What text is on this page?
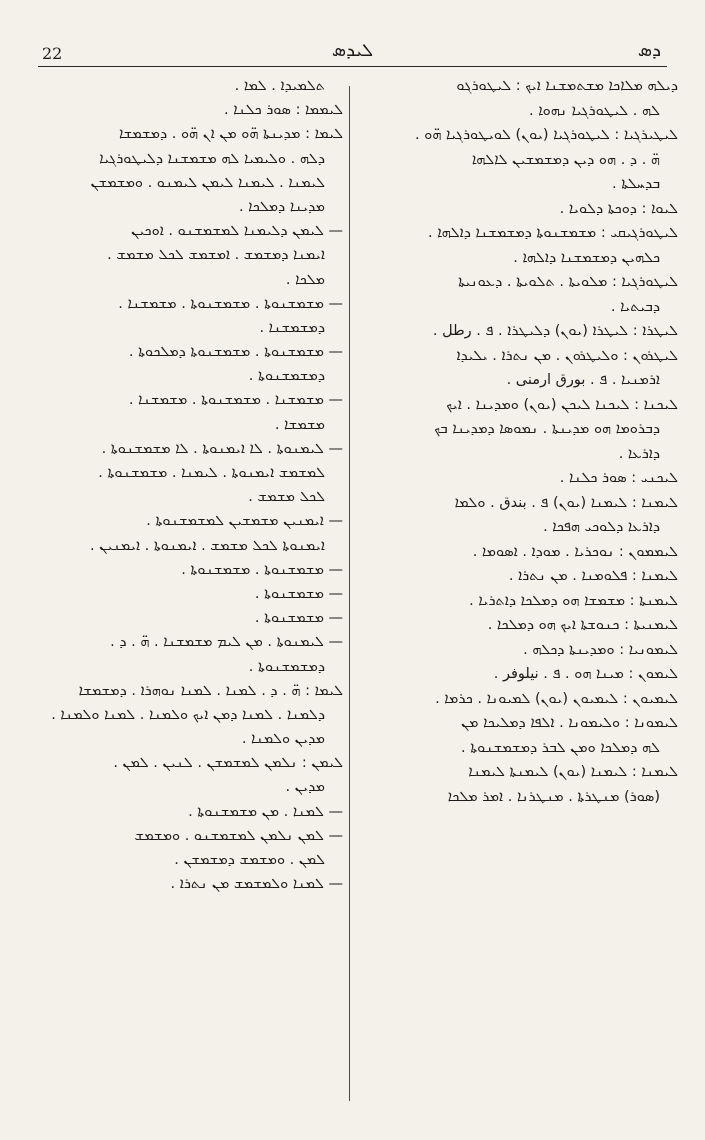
22	ܠܝܕܣ	ܕܣ
ܕܝܠܗ ܡܠܐܟܐ ܡܫܬܡܫܢܐ ܐܝܟ : ܠܝܛܘܪܓܘ
ܠܗ . ܠܝܛܘܪܓܝܐ ܢܗܘܐ .
ܠܝܛܝܪܓܝܐ : ܠܝܛܘܪܓܝܐ (ܝܘܢ) ܠܘܝܛܘܪܓܝܐ ܗ̈ܘ .
ܗ̈ . ܕ . ܗܘ ܕܝܢ ܕܡܫܡܫܝܢ ܠܐܠܗܐ
ܒܕܚܠܬܐ .
ܠܝܘܐ : ܕܘܟܬܐ ܕܠܘܝܐ .
ܠܝܛܘܪܓܝܩܝ : ܡܫܡܫܢܘܬܐ ܕܡܫܡܫܢܐ ܕܐܠܗܐ .
ܟܠܗܝܢ ܕܡܫܡܫܢܐ ܕܐܠܗܐ .
ܠܝܛܘܪܓܝܐ : ܡܠܘܝܬܐ . ܬܠܘܝܬܐ . ܕܥܘܢܝܬܐ
ܕܒܝܬܝܐ .
ܠܝܛܪܐ : ܠܝܛܪܐ (ܝܘܢ) ܕܠܝܛܪܐ . ܦ . رطل .
ܠܝܛܪܘܢ : ܘܠܝܛܪܘܢ . ܡܢ ܢܬܪܐ . ܝܠܝܕܐ
ܐܪܡܢܝܐ . ܦ . بورق ارمنى .
ܠܝܟܢܐ : ܠܝܟܢܐ ܠܝܟܢ (ܝܘܢ) ܘܡܕܝܢܐ . ܐܝܟ
ܕܒܪܘܡܐ ܗܘ ܡܕܝܢܬܐ . ܢܡܘܣܐ ܕܡܕܝܢܐ ܒܟ
ܕܐܪܥܐ .
ܠܝܟܢܝ : ܣܘܪ ܟܠܢܐ .
ܠܝܡܢܐ : ܠܝܡܢܐ (ܝܘܢ) ܦ . بندق . ܘܠܡܐ
ܕܐܪܥܐ ܕܠܘܟܝ ܗܦܟܐ .
ܠܝܡܡܘܢ : ܢܘܟܪܝܐ . ܡܘܕܐ . ܐܣܘܡܐ .
ܠܝܡܢܐ : ܦܠܘܡܢܐ . ܡܢ ܢܬܪܐ .
ܠܝܡܢܬܐ : ܡܫܡܫܐ ܗܘ ܕܡܠܟܐ ܕܐܬܪܝܐ .
ܠܝܡܢܝܬܐ : ܟܢܘܫܬܐ ܐܝܟ ܗܘ ܕܡܠܟܐ .
ܠܝܡܘܢܝܐ : ܘܡܕܝܢܬܐ ܕܟܠܗ .
ܠܝܡܘܢ : ܡܝܢܐ ܗܘ . ܦ . نيلوفر .
ܠܝܡܝܘܢ : ܠܝܡܝܘܢ (ܝܘܢ) ܠܡܝܘܢܐ . ܟܪܡܐ .
ܠܝܡܘܢܐ : ܘܠܝܡܘܢܐ . ܐܠܦܐ ܕܡܠܝܟܐ ܡܢ
ܠܗ ܕܡܠܟܐ ܘܡܢ ܠܒܪ ܕܡܫܡܫܢܘܬܐ .
ܠܝܡܢܐ : ܠܝܡܢܐ (ܝܘܢ) ܠܝܡܢܬܐ ܠܝܡܢܐ
(ܣܘܪ) ܡܢܛܪܬܐ . ܡܢܛܪܢܐ . ܐܡܪ ܡܠܟܐ
ܬܠܡܝܕܐ . ܠܡܐ .
ܠܝܡܡܐ : ܣܘܪ ܟܠܢܐ .
ܠܝܡܐ : ܡܕܝܢܬܐ ܗ̈ܘ ܡܢ ܐܢ ܗ̈ܘ . ܕܡܫܡܫܐ
ܕܠܗ . ܘܠܝܡܝܐ ܠܗ ܡܫܡܫܢܐ ܕܠܝܛܘܪܓܝܐ
ܠܝܡܢܐ . ܠܝܡܢܐ ܠܝܡܢ ܠܝܡܢܘ . ܘܡܫܡܫܢ
ܡܕܝܢܐ ܕܡܠܟܐ .
— ܠܝܡܢ ܕܠܝܡܢܐ ܠܡܫܡܫܢܘ . ܐܘܟܝܢ
ܐܝܡܢܐ ܕܡܫܡܫ . ܐܡܫܡܫ ܠܟܠ ܡܫܡܫ .
ܡܠܟܐ .
— ܡܫܡܫܢܘܬܐ . ܡܫܡܫܢܘܬܐ . ܡܫܡܫܢܐ .
ܕܡܫܡܫܢܐ .
— ܡܫܡܫܢܘܬܐ . ܡܫܡܫܢܘܬܐ ܕܡܠܟܘܬܐ .
ܕܡܫܡܫܢܘܬܐ .
— ܡܫܡܫܢܐ . ܡܫܡܫܢܘܬܐ . ܡܫܡܫܢܐ .
ܡܫܡܫܐ .
— ܠܝܡܢܘܬܐ . ܠܐ ܐܝܡܢܘܬܐ . ܠܐ ܡܫܡܫܢܘܬܐ .
ܠܡܫܡܫ ܐܝܡܢܘܬܐ . ܠܝܡܢܐ . ܡܫܡܫܢܘܬܐ .
ܠܟܠ ܡܫܡܫ .
— ܐܝܡܢܝܢ ܡܫܡܫܝܢ ܠܡܫܡܫܢܘܬܐ .
ܐܝܡܢܘܬܐ ܠܟܠ ܡܫܡܫ . ܐܝܡܢܘܬܐ . ܐܝܡܢܝܢ .
— ܡܫܡܫܢܘܬܐ . ܡܫܡܫܢܘܬܐ .
— ܡܫܡܫܢܘܬܐ .
— ܡܫܡܫܢܘܬܐ .
— ܠܝܡܢܘܬܐ . ܡܢ ܠܝܡ ܡܫܡܫܢܐ . ܗ̈ . ܕ .
ܕܡܫܡܫܢܘܬܐ .
ܠܝܡܐ : ܗ̈ . ܕ . ܠܡܢܐ . ܠܡܢܐ ܢܘܗܪܐ . ܕܡܫܡܫܐ
ܕܠܡܢܐ . ܠܡܢܐ ܕܡܢ ܐܝܟ ܘܠܡܢܐ . ܠܡܢܐ ܘܠܡܢܐ .
ܡܕܝܢ ܘܠܡܢܐ .
ܠܝܡܢ : ܢܠܡܢ ܠܡܫܡܫܢ . ܠܢܝܢ . ܠܡܢ .
ܡܕܝܢ .
— ܠܡܢܐ . ܡܢ ܡܫܡܫܢܘܬܐ .
— ܠܡܢ ܢܠܡܢ ܠܡܫܡܫܢܘ . ܘܡܫܡܫ
ܠܡܢ . ܘܡܫܡܫ ܕܡܫܡܫܢ .
— ܠܡܢܐ ܘܠܡܫܡܫ ܡܢ ܢܬܪܐ .
